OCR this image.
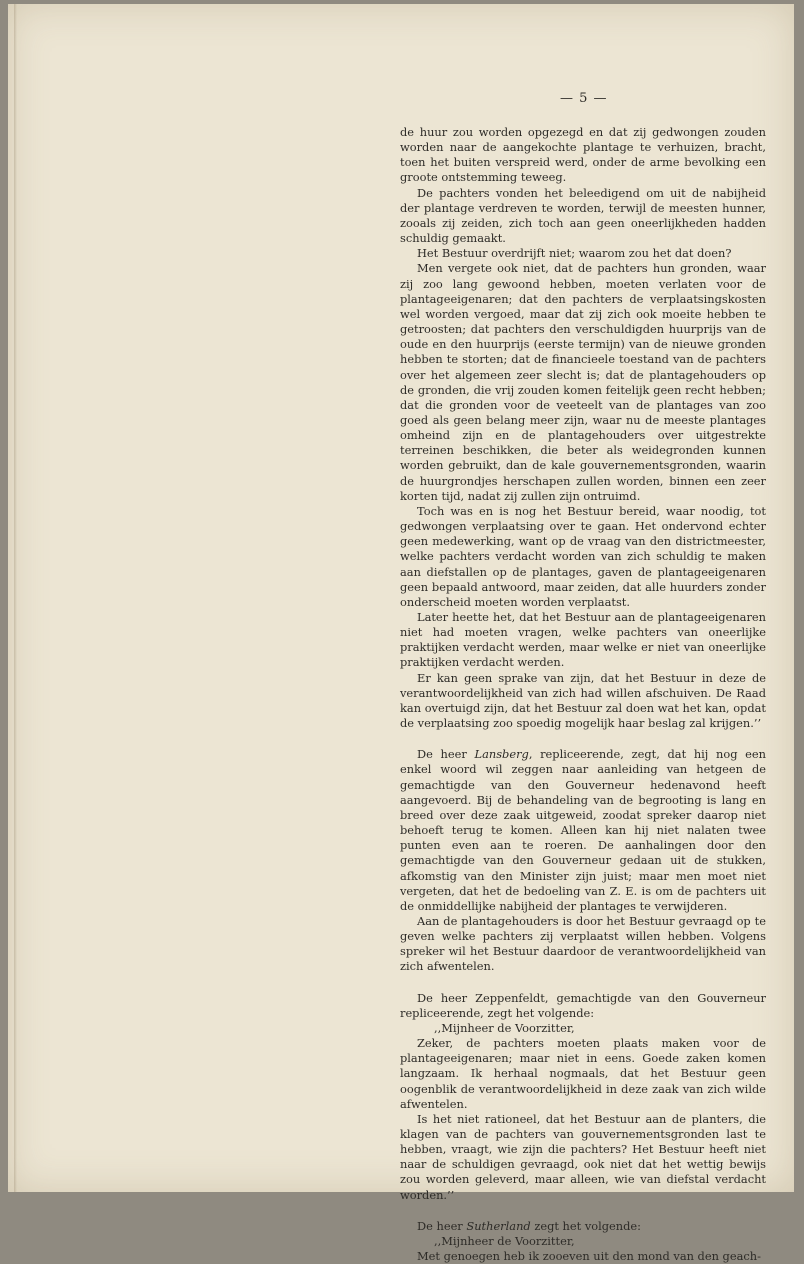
— 5 —

de huur zou worden opgezegd en dat zij gedwongen zouden worden naar de aangekochte plantage te verhuizen, bracht, toen het buiten verspreid werd, onder de arme bevolking een groote ontstemming teweeg.

De pachters vonden het beleedigend om uit de nabijheid der plantage verdreven te worden, terwijl de meesten hunner, zooals zij zeiden, zich toch aan geen oneerlijkheden hadden schuldig gemaakt.

Het Bestuur overdrijft niet; waarom zou het dat doen?

Men vergete ook niet, dat de pachters hun gronden, waar zij zoo lang gewoond hebben, moeten verlaten voor de plantageeigenaren; dat den pachters de verplaatsingskosten wel worden vergoed, maar dat zij zich ook moeite hebben te getroosten; dat pachters den verschuldigden huurprijs van de oude en den huurprijs (eerste termijn) van de nieuwe gronden hebben te storten; dat de financieele toestand van de pachters over het algemeen zeer slecht is; dat de plantagehouders op de gronden, die vrij zouden komen feitelijk geen recht hebben; dat die gronden voor de veeteelt van de plantages van zoo goed als geen belang meer zijn, waar nu de meeste plantages omheind zijn en de plantagehouders over uitgestrekte terreinen beschikken, die beter als weidegronden kunnen worden gebruikt, dan de kale gouvernementsgronden, waarin de huurgrondjes herschapen zullen worden, binnen een zeer korten tijd, nadat zij zullen zijn ontruimd.

Toch was en is nog het Bestuur bereid, waar noodig, tot gedwongen verplaatsing over te gaan. Het ondervond echter geen medewerking, want op de vraag van den districtmeester, welke pachters verdacht worden van zich schuldig te maken aan diefstallen op de plantages, gaven de plantageeigenaren geen bepaald antwoord, maar zeiden, dat alle huurders zonder onderscheid moeten worden verplaatst.

Later heette het, dat het Bestuur aan de plantageeigenaren niet had moeten vragen, welke pachters van oneerlijke praktijken verdacht werden, maar welke er niet van oneerlijke praktijken verdacht werden.

Er kan geen sprake van zijn, dat het Bestuur in deze de verantwoordelijkheid van zich had willen afschuiven. De Raad kan overtuigd zijn, dat het Bestuur zal doen wat het kan, opdat de verplaatsing zoo spoedig mogelijk haar beslag zal krijgen.’’

De heer Lansberg, repliceerende, zegt, dat hij nog een enkel woord wil zeggen naar aanleiding van hetgeen de gemachtigde van den Gouverneur hedenavond heeft aangevoerd. Bij de behandeling van de begrooting is lang en breed over deze zaak uitgeweid, zoodat spreker daarop niet behoeft terug te komen. Alleen kan hij niet nalaten twee punten even aan te roeren. De aanhalingen door den gemachtigde van den Gouverneur gedaan uit de stukken, afkomstig van den Minister zijn juist; maar men moet niet vergeten, dat het de bedoeling van Z. E. is om de pachters uit de onmiddellijke nabijheid der plantages te verwijderen.

Aan de plantagehouders is door het Bestuur gevraagd op te geven welke pachters zij verplaatst willen hebben. Volgens spreker wil het Bestuur daardoor de verantwoordelijkheid van zich afwentelen.

De heer Zeppenfeldt, gemachtigde van den Gouverneur repliceerende, zegt het volgende:

,,Mijnheer de Voorzitter,

Zeker, de pachters moeten plaats maken voor de plantageeigenaren; maar niet in eens. Goede zaken komen langzaam. Ik herhaal nogmaals, dat het Bestuur geen oogenblik de verantwoordelijkheid in deze zaak van zich wilde afwentelen.

Is het niet rationeel, dat het Bestuur aan de planters, die klagen van de pachters van gouvernementsgronden last te hebben, vraagt, wie zijn die pachters? Het Bestuur heeft niet naar de schuldigen gevraagd, ook niet dat het wettig bewijs zou worden geleverd, maar alleen, wie van diefstal verdacht worden.’’

De heer Sutherland zegt het volgende:

,,Mijnheer de Voorzitter,

Met genoegen heb ik zooeven uit den mond van den geach-
